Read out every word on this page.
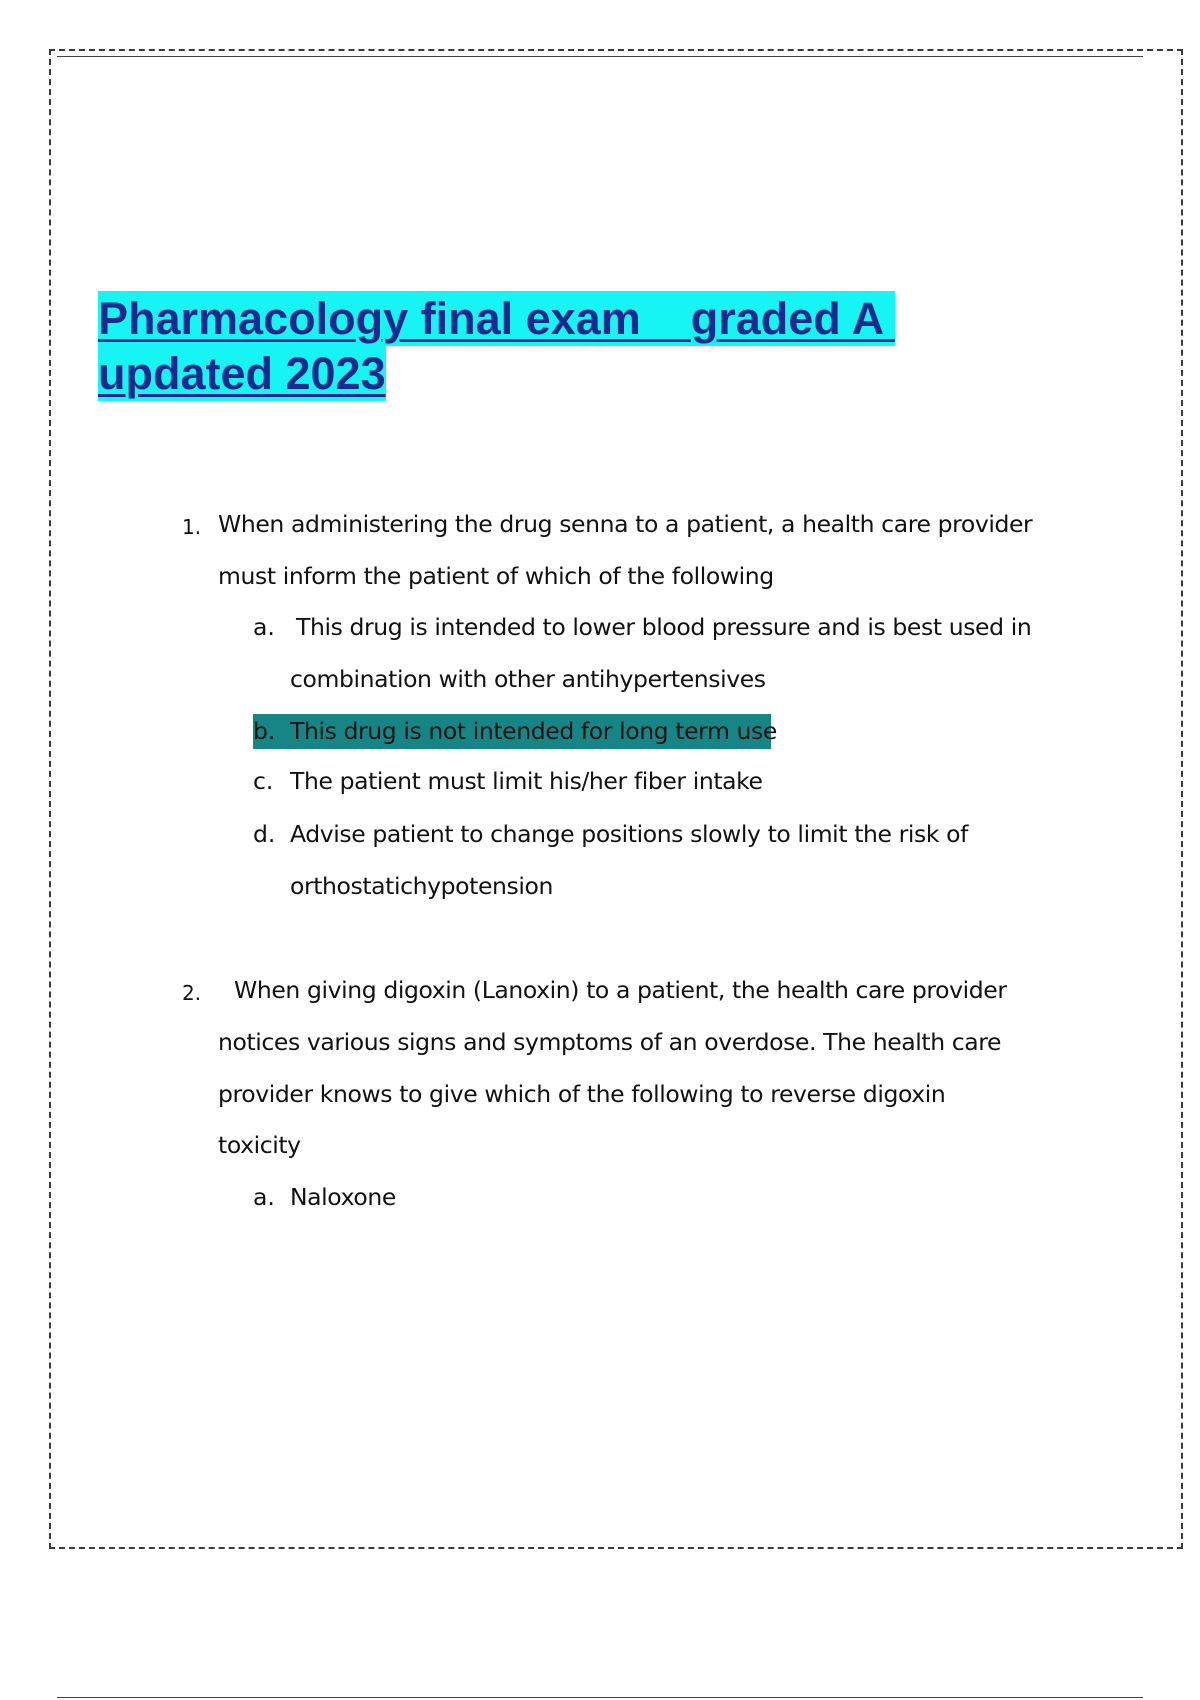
Pharmacology final exam    graded A
updated 2023
1. When administering the drug senna to a patient, a health care provider
must inform the patient of which of the following
a. This drug is intended to lower blood pressure and is best used in
combination with other antihypertensives
b. This drug is not intended for long term use
c. The patient must limit his/her fiber intake
d. Advise patient to change positions slowly to limit the risk of
orthostatichypotension
2. When giving digoxin (Lanoxin) to a patient, the health care provider
notices various signs and symptoms of an overdose. The health care
provider knows to give which of the following to reverse digoxin
toxicity
a. Naloxone
